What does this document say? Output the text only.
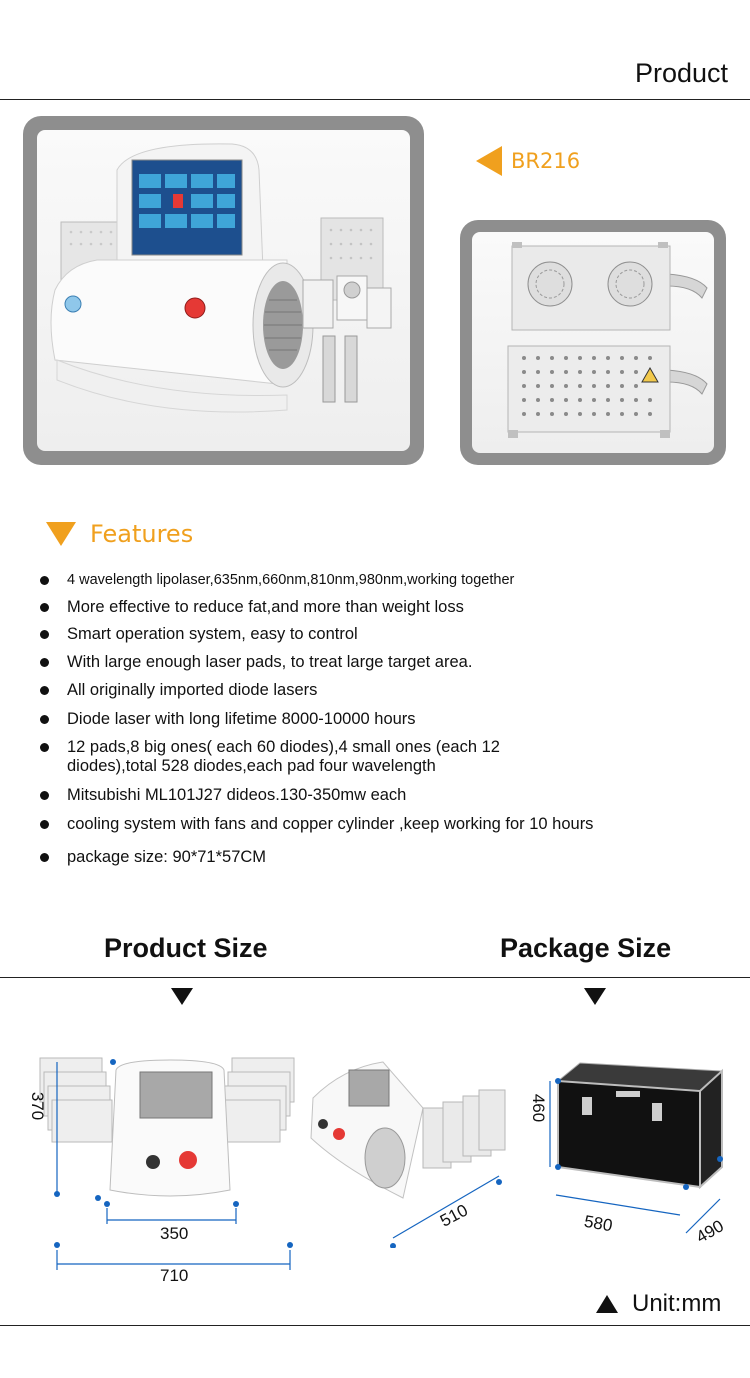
Product
BR216
Features
4 wavelength lipolaser,635nm,660nm,810nm,980nm,working together
More effective to reduce fat,and more than weight loss
Smart operation system, easy to control
With large enough laser pads, to treat large target area.
All originally imported diode lasers
Diode laser with long lifetime 8000-10000 hours
12 pads,8 big ones( each 60 diodes),4 small ones (each 12 diodes),total 528 diodes,each pad four wavelength
Mitsubishi ML101J27 dideos.130-350mw each
cooling system with fans and copper cylinder ,keep working for 10 hours
package size: 90*71*57CM
Product Size	Package Size
370
350
710
510
460
580	490
Unit:mm
